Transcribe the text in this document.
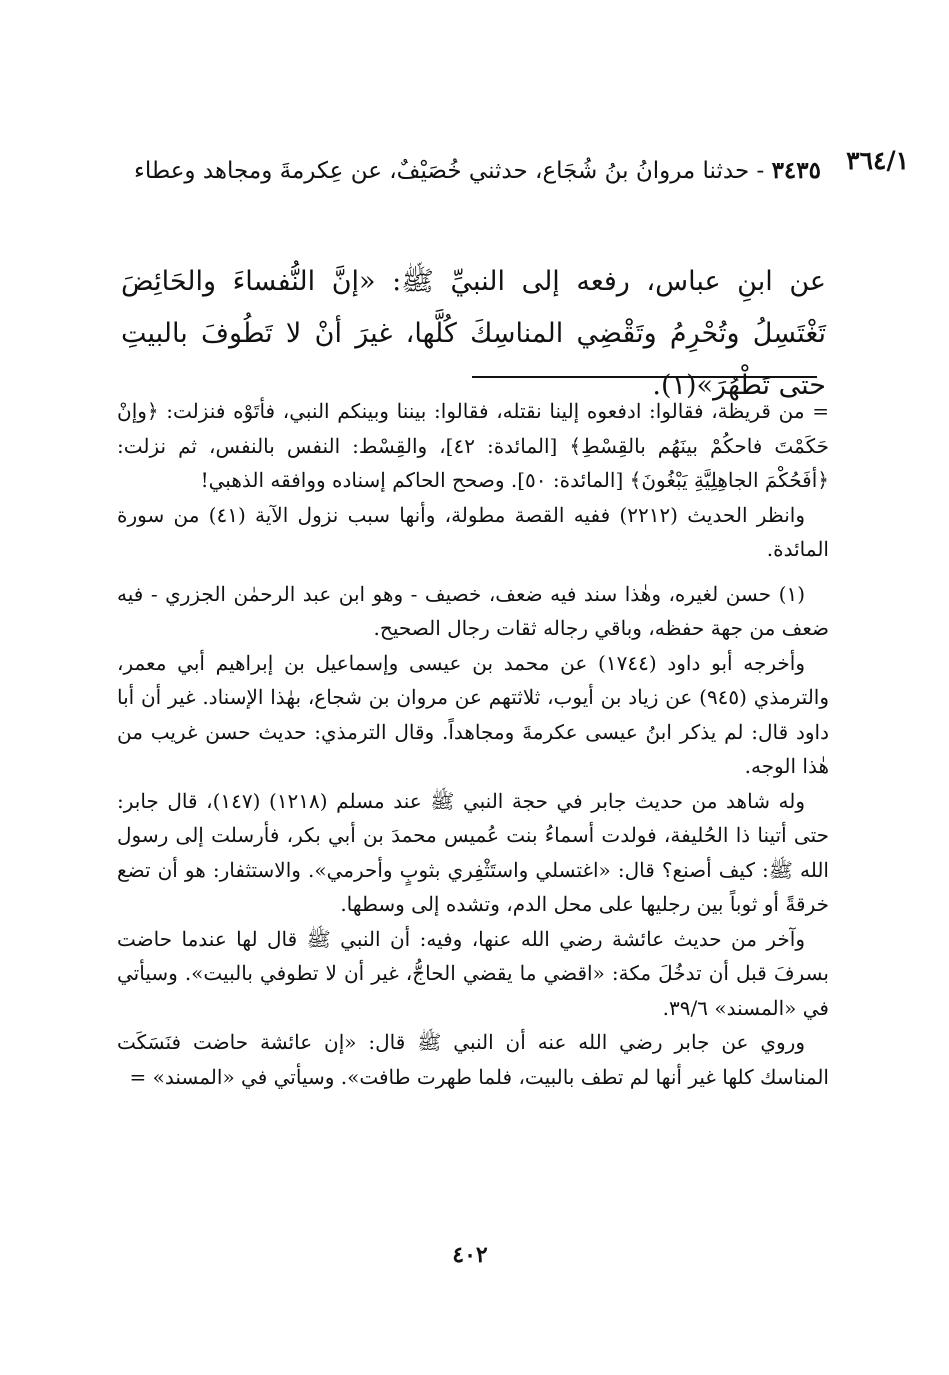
٣٦٤/١
٣٤٣٥ - حدثنا مروانُ بنُ شُجَاع، حدثني خُصَيْفٌ، عن عِكرمةَ ومجاهد وعطاء
عن ابنِ عباس، رفعه إلى النبيِّ ﷺ: «إنَّ النُّفساءَ والحَائِضَ تَغْتَسِلُ وتُحْرِمُ وتَقْضِي المناسِكَ كُلَّها، غيرَ أنْ لا تَطُوفَ بالبيتِ حتى تَطْهُرَ»(١).

= من قريظة، فقالوا: ادفعوه إلينا نقتله، فقالوا: بيننا وبينكم النبي، فأتَوْه فنزلت: ﴿وإنْ حَكَمْتَ فاحكُمْ بينَهُم بالقِسْطِ﴾ [المائدة: ٤٢]، والقِسْط: النفس بالنفس، ثم نزلت: ﴿أفَحُكْمَ الجاهِلِيَّةِ يَبْغُونَ﴾ [المائدة: ٥٠]. وصحح الحاكم إسناده ووافقه الذهبي!

وانظر الحديث (٢٢١٢) ففيه القصة مطولة، وأنها سبب نزول الآية (٤١) من سورة المائدة.

(١) حسن لغيره، وهٰذا سند فيه ضعف، خصيف - وهو ابن عبد الرحمٰن الجزري - فيه ضعف من جهة حفظه، وباقي رجاله ثقات رجال الصحيح.

وأخرجه أبو داود (١٧٤٤) عن محمد بن عيسى وإسماعيل بن إبراهيم أبي معمر، والترمذي (٩٤٥) عن زياد بن أيوب، ثلاثتهم عن مروان بن شجاع، بهٰذا الإسناد. غير أن أبا داود قال: لم يذكر ابنُ عيسى عكرمةَ ومجاهداً. وقال الترمذي: حديث حسن غريب من هٰذا الوجه.

وله شاهد من حديث جابر في حجة النبي ﷺ عند مسلم (١٢١٨) (١٤٧)، قال جابر: حتى أتينا ذا الحُليفة، فولدت أسماءُ بنت عُميس محمدَ بن أبي بكر، فأرسلت إلى رسول الله ﷺ: كيف أصنع؟ قال: «اغتسلي واستَثْفِري بثوبٍ وأحرمي». والاستثفار: هو أن تضع خرقةً أو ثوباً بين رجليها على محل الدم، وتشده إلى وسطها.

وآخر من حديث عائشة رضي الله عنها، وفيه: أن النبي ﷺ قال لها عندما حاضت بسرفَ قبل أن تدخُلَ مكة: «اقضي ما يقضي الحاجُّ، غير أن لا تطوفي بالبيت». وسيأتي في «المسند» ٣٩/٦.

وروي عن جابر رضي الله عنه أن النبي ﷺ قال: «إن عائشة حاضت فنَسَكَت المناسك كلها غير أنها لم تطف بالبيت، فلما طهرت طافت». وسيأتي في «المسند» =

٤٠٢
